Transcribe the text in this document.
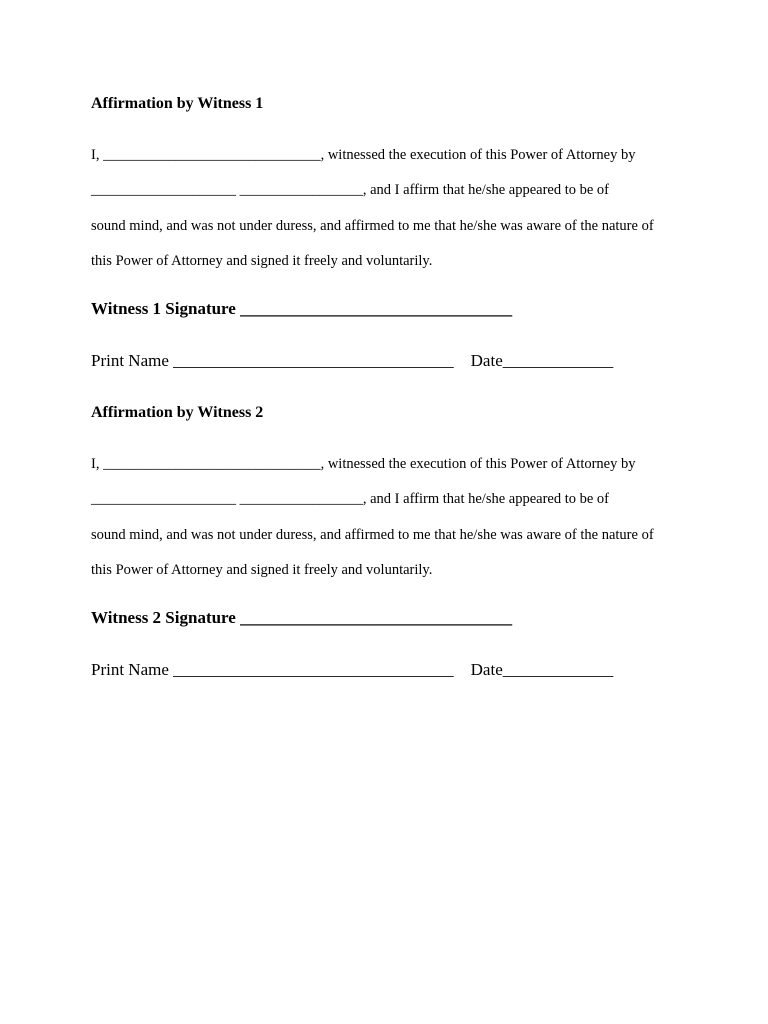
Affirmation by Witness 1
I, ______________________________, witnessed the execution of this Power of Attorney by
____________________ _________________, and I affirm that he/she appeared to be of
sound mind, and was not under duress, and affirmed to me that he/she was aware of the nature of
this Power of Attorney and signed it freely and voluntarily.
Witness 1 Signature ________________________________
Print Name _________________________________ Date_____________
Affirmation by Witness 2
I, ______________________________, witnessed the execution of this Power of Attorney by
____________________ _________________, and I affirm that he/she appeared to be of
sound mind, and was not under duress, and affirmed to me that he/she was aware of the nature of
this Power of Attorney and signed it freely and voluntarily.
Witness 2 Signature ________________________________
Print Name _________________________________ Date_____________
